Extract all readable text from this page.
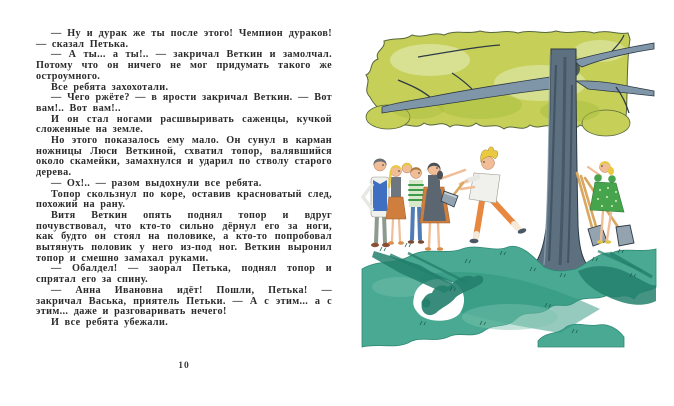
— Ну и дурак же ты после этого! Чемпион дураков! — сказал Петька.

— А ты... а ты!.. — закричал Веткин и замолчал. Потому что он ничего не мог придумать такого же остроумного.

Все ребята захохотали.

— Чего ржёте? — в ярости закричал Веткин. — Вот вам!.. Вот вам!..

И он стал ногами расшвыривать саженцы, кучкой сложенные на земле.

Но этого показалось ему мало. Он сунул в карман ножницы Люси Веткиной, схватил топор, валявшийся около скамейки, замахнулся и ударил по стволу старого дерева.

— Ох!.. — разом выдохнули все ребята.

Топор скользнул по коре, оставив красноватый след, похожий на рану.

Витя Веткин опять поднял топор и вдруг почувствовал, что кто-то сильно дёрнул его за ноги, как будто он стоял на половике, а кто-то попробовал вытянуть половик у него из-под ног. Веткин выронил топор и смешно замахал руками.

— Обалдел! — заорал Петька, поднял топор и спрятал его за спину.

— Анна Ивановна идёт! Пошли, Петька! — закричал Васька, приятель Петьки. — А с этим... а с этим... даже и разговаривать нечего!

И все ребята убежали.

10
